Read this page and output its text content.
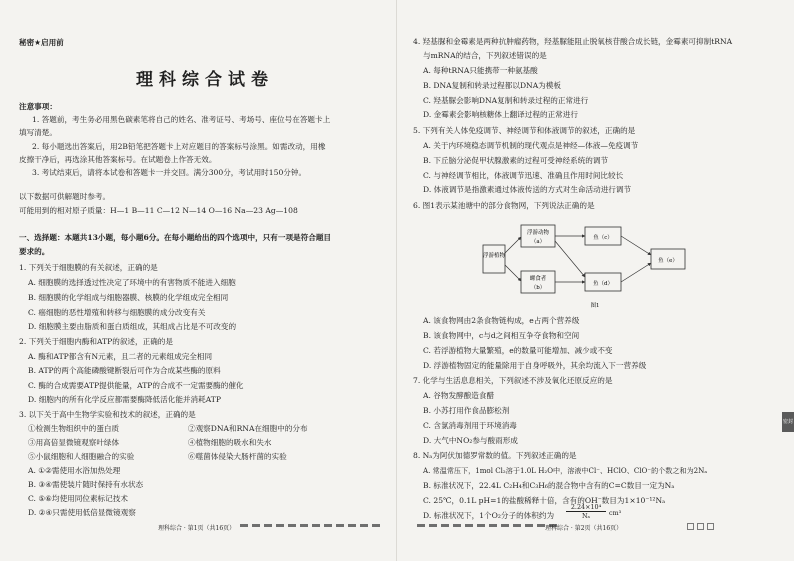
秘密★启用前
理科综合试卷
注意事项：
1. 答题前，考生务必用黑色碳素笔将自己的姓名、准考证号、考场号、座位号在答题卡上
填写清楚。
2. 每小题选出答案后，用2B铅笔把答题卡上对应题目的答案标号涂黑。如需改动，用橡
皮擦干净后，再选涂其他答案标号。在试题卷上作答无效。
3. 考试结束后，请将本试卷和答题卡一并交回。满分300分，考试用时150分钟。
以下数据可供解题时参考。
可能用到的相对原子质量：H—1 B—11 C—12 N—14 O—16 Na—23 Ag—108
一、选择题：本题共13小题，每小题6分。在每小题给出的四个选项中，只有一项是符合题目
要求的。
1. 下列关于细胞膜的有关叙述，正确的是
A. 细胞膜的选择透过性决定了环境中的有害物质不能进入细胞
B. 细胞膜的化学组成与细胞器膜、核膜的化学组成完全相同
C. 癌细胞的恶性增殖和转移与细胞膜的成分改变有关
D. 细胞膜主要由脂质和蛋白质组成，其组成占比是不可改变的
2. 下列关于细胞内酶和ATP的叙述，正确的是
A. 酶和ATP都含有N元素，且二者的元素组成完全相同
B. ATP的两个高能磷酸键断裂后可作为合成某些酶的原料
C. 酶的合成需要ATP提供能量，ATP的合成不一定需要酶的催化
D. 细胞内的所有化学反应都需要酶降低活化能并消耗ATP
3. 以下关于高中生物学实验和技术的叙述，正确的是
①检测生物组织中的蛋白质
③用高倍显微镜观察叶绿体
⑤小鼠细胞和人细胞融合的实验
②观察DNA和RNA在细胞中的分布
④植物细胞的吸水和失水
⑥噬菌体侵染大肠杆菌的实验
A. ①②需使用水浴加热处理
B. ③④需使装片随时保持有水状态
C. ⑤⑥均使用同位素标记技术
D. ②④只需使用低倍显微镜观察
理科综合 · 第1页（共16页）
4. 羟基脲和金霉素是两种抗肿瘤药物，羟基脲能阻止脱氧核苷酸合成长链，金霉素可抑制tRNA
与mRNA的结合，下列叙述错误的是
A. 每种tRNA只能携带一种氨基酸
B. DNA复制和转录过程都以DNA为模板
C. 羟基脲会影响DNA复制和转录过程的正常进行
D. 金霉素会影响核糖体上翻译过程的正常进行
5. 下列有关人体免疫调节、神经调节和体液调节的叙述，正确的是
A. 关于内环境稳态调节机制的现代观点是神经—体液—免疫调节
B. 下丘脑分泌促甲状腺激素的过程可受神经系统的调节
C. 与神经调节相比，体液调节迅速、准确且作用时间比较长
D. 体液调节是指激素通过体液传送的方式对生命活动进行调节
6. 图1表示某池塘中的部分食物网，下列说法正确的是
浮游植物
浮游动物
（a）
螺食者
（b）
鱼（c）
鱼（d）
鱼（e）
图1
A. 该食物网由2条食物链构成，e占两个营养级
B. 该食物网中，c与d之间相互争夺食物和空间
C. 若浮游植物大量繁殖，e的数量可能增加、减少或不变
D. 浮游植物固定的能量除用于自身呼吸外，其余均流入下一营养级
7. 化学与生活息息相关，下列叙述不涉及氧化还原反应的是
A. 谷物发酵酿造食醋
B. 小苏打用作食品膨松剂
C. 含氯消毒剂用于环境消毒
D. 大气中NO₂参与酸雨形成
8. Nₐ为阿伏加德罗常数的值。下列叙述正确的是
A. 常温常压下，1mol Cl₂溶于1.0L H₂O中，溶液中Cl⁻、HClO、ClO⁻的个数之和为2Nₐ
B. 标准状况下，22.4L C₂H₄和C₃H₆的混合物中含有的C=C数目一定为Nₐ
C. 25℃，0.1L pH=1的盐酸稀释十倍，含有的OH⁻数目为1×10⁻¹²Nₐ
D. 标准状况下，1个O₂分子的体积约为 $\frac{\text{2.24×10⁴}}{\text{Nₐ}} cm^3$
理科综合 · 第2页（共16页）
密封
